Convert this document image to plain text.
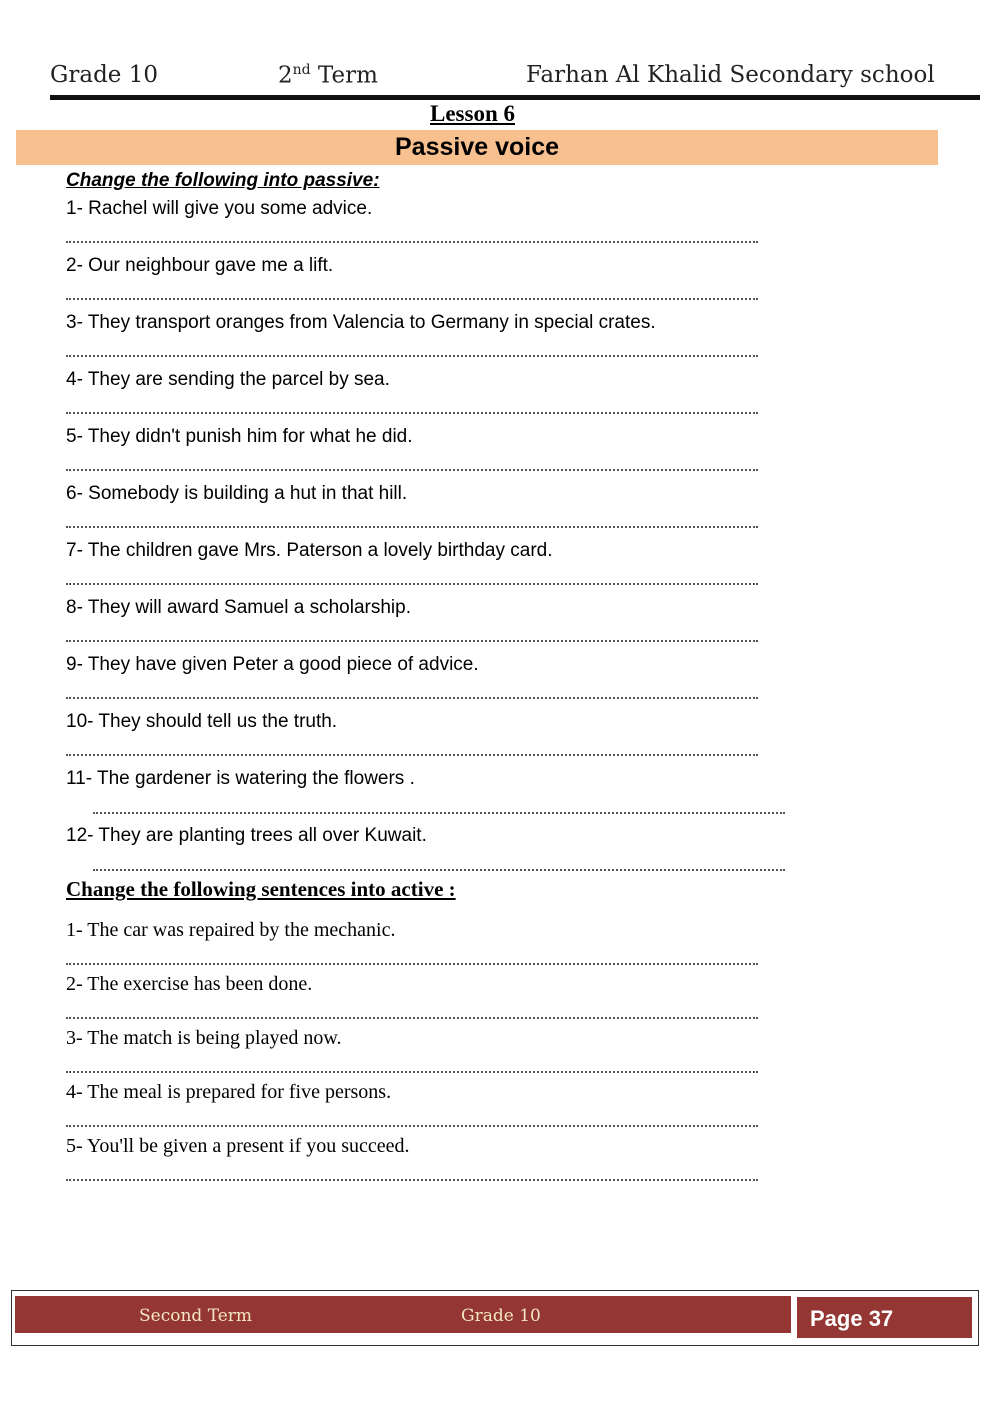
Grade 10	2nd Term	Farhan Al Khalid Secondary school
Lesson 6
Passive voice
Change the following into passive:
1- Rachel will give you some advice.
2- Our neighbour gave me a lift.
3- They transport oranges from Valencia to Germany in special crates.
4- They are sending the parcel by sea.
5- They didn't punish him for what he did.
6- Somebody is building a hut in that hill.
7- The children gave Mrs. Paterson a lovely birthday card.
8- They will award Samuel a scholarship.
9- They have given Peter a good piece of advice.
10- They should tell us the truth.
11- The gardener is watering the flowers .
12- They are planting trees all over Kuwait.
Change the following sentences into active :
1- The car was repaired by the mechanic.
2- The exercise has been done.
3- The match is being played now.
4- The meal is prepared for five persons.
5- You'll be given a present if you succeed.
Second Term	Grade 10	Page 37
